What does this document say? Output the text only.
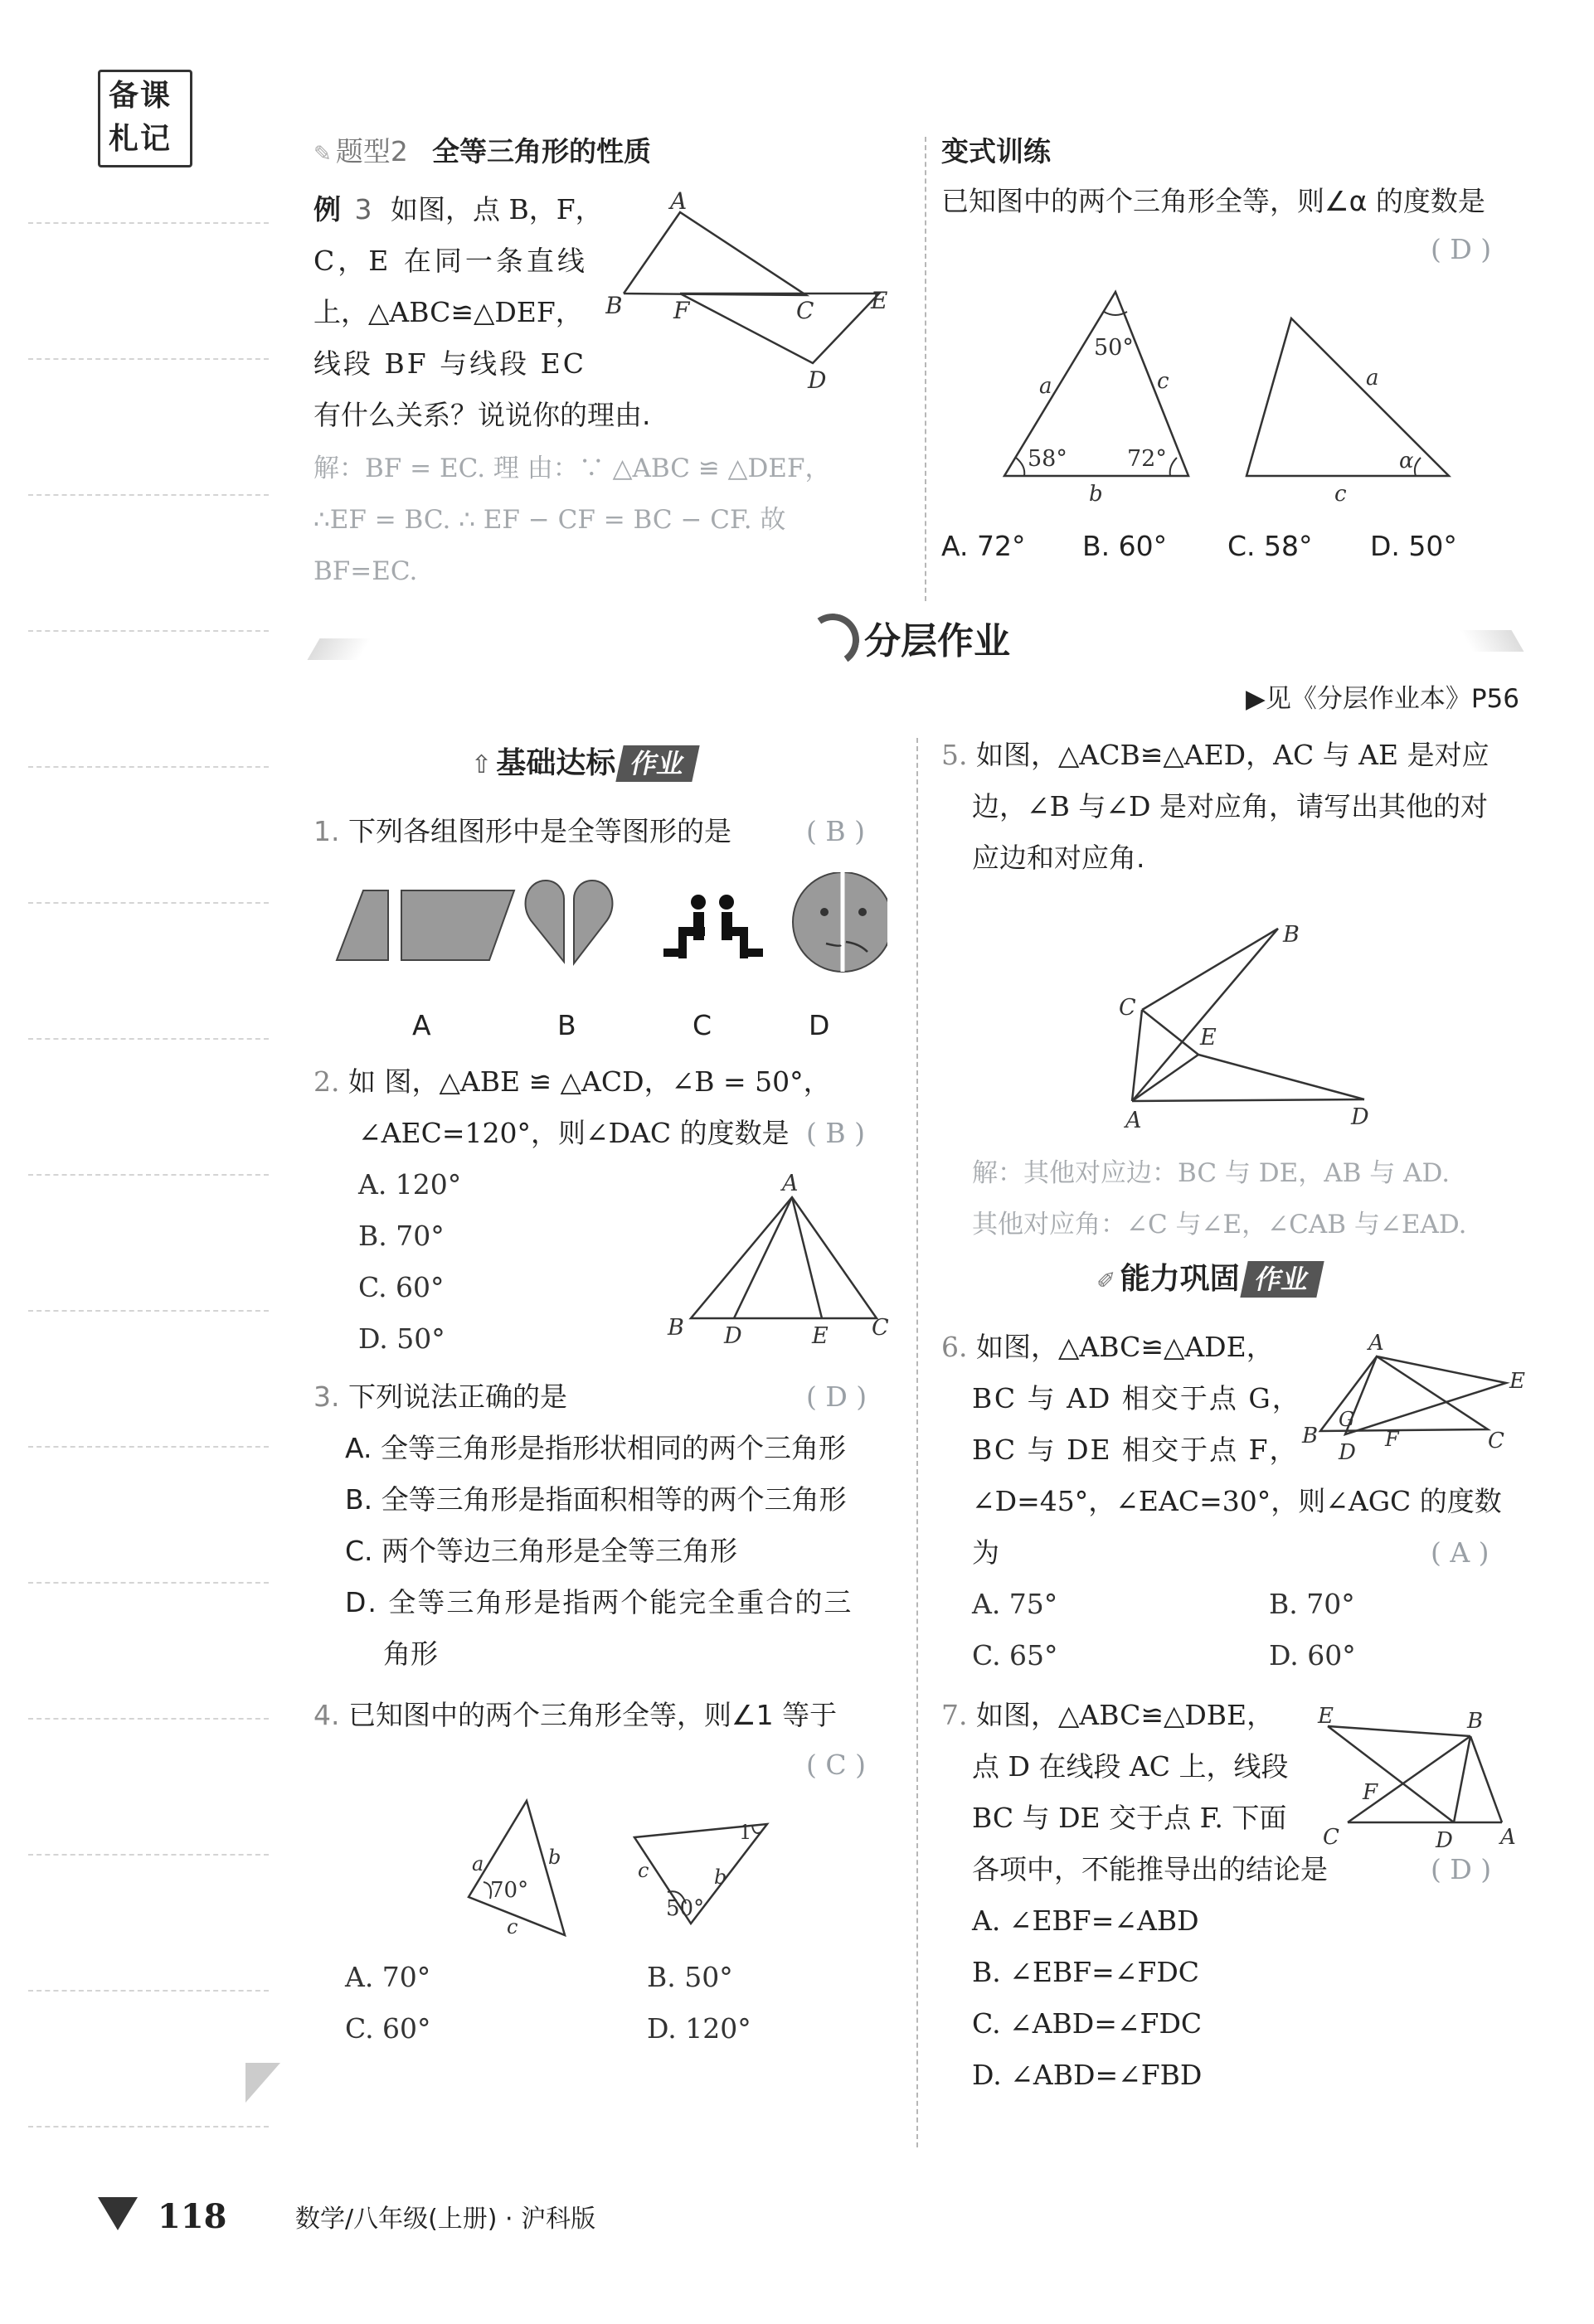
备课
札记	✎ 题型2 全等三角形的性质
例 3 如图，点 B，F，
C，E 在同一条直线
上，△ABC≌△DEF，
线段 BF 与线段 EC
有什么关系？说说你的理由.
A
B F	C E
D
解：BF = EC. 理 由：∵ △ABC ≌ △DEF，
∴EF = BC. ∴ EF − CF = BC − CF. 故
BF=EC.
变式训练
已知图中的两个三角形全等，则∠α 的度数是
( D )
50°
58°	72°
a	c
b
a
c
α
A. 72° B. 60° C. 58° D. 50°
分层作业
▶见《分层作业本》P56
⇧ 基础达标 作业
1. 下列各组图形中是全等图形的是	( B )
A	B	C	D
2. 如 图，△ABE ≌ △ACD，∠B = 50°，
∠AEC=120°，则∠DAC 的度数是 ( B )
A. 120°
B. 70°
C. 60°
D. 50°
A
B D	E C
3. 下列说法正确的是	( D )
A. 全等三角形是指形状相同的两个三角形
B. 全等三角形是指面积相等的两个三角形
C. 两个等边三角形是全等三角形
D. 全等三角形是指两个能完全重合的三
角形
4. 已知图中的两个三角形全等，则∠1 等于
( C )
a	b
c
70°
c	b
50°
1
A. 70°	B. 50°
C. 60°	D. 120°
5. 如图，△ACB≌△AED，AC 与 AE 是对应
边，∠B 与∠D 是对应角，请写出其他的对
应边和对应角.
B
C
E
A	D
解：其他对应边：BC 与 DE，AB 与 AD.
其他对应角：∠C 与∠E，∠CAB 与∠EAD.
✐ 能力巩固 作业
6. 如图，△ABC≌△ADE，
BC 与 AD 相交于点 G，
BC 与 DE 相交于点 F，
∠D=45°，∠EAC=30°，则∠AGC 的度数
为	( A )
A
E
B
G
F	C
D
A. 75°	B. 70°
C. 65°	D. 60°
7. 如图，△ABC≌△DBE，
点 D 在线段 AC 上，线段
BC 与 DE 交于点 F. 下面
各项中，不能推导出的结论是	( D )
E	B
F
C	D A
A. ∠EBF=∠ABD
B. ∠EBF=∠FDC
C. ∠ABD=∠FDC
D. ∠ABD=∠FBD
118	数学/八年级(上册) · 沪科版
